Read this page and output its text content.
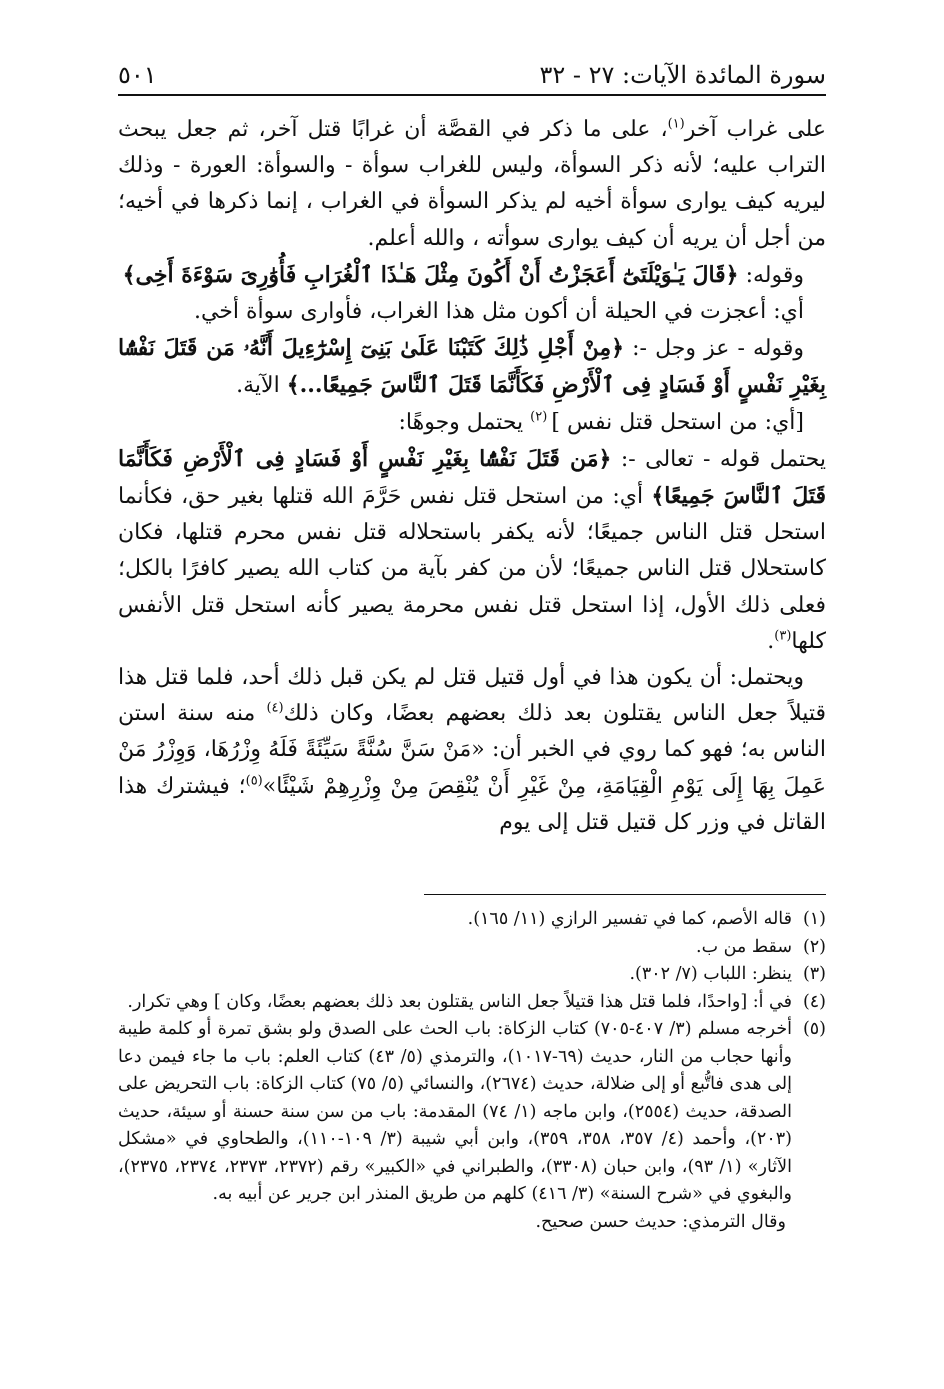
سورة المائدة الآيات: ٢٧ - ٣٢
٥٠١

على غراب آخر$^{(١)}$، على ما ذكر في القصَّة أن غرابًا قتل آخر، ثم جعل يبحث التراب عليه؛ لأنه ذكر السوأة، وليس للغراب سوأة - والسوأة: العورة - وذلك ليريه كيف يوارى سوأة أخيه لم يذكر السوأة في الغراب ، إنما ذكرها في أخيه؛ من أجل أن يريه أن كيف يوارى سوأته ، والله أعلم.

وقوله: ﴿قَالَ يَـٰوَيْلَتَىٰٓ أَعَجَزْتُ أَنْ أَكُونَ مِثْلَ هَـٰذَا ٱلْغُرَابِ فَأُوَٰرِىَ سَوْءَةَ أَخِى﴾

أي: أعجزت في الحيلة أن أكون مثل هذا الغراب، فأوارى سوأة أخي.

وقوله - عز وجل -: ﴿مِنْ أَجْلِ ذَٰلِكَ كَتَبْنَا عَلَىٰ بَنِىٓ إِسْرَٰٓءِيلَ أَنَّهُۥ مَن قَتَلَ نَفْسًۢا بِغَيْرِ نَفْسٍ أَوْ فَسَادٍ فِى ٱلْأَرْضِ فَكَأَنَّمَا قَتَلَ ٱلنَّاسَ جَمِيعًا...﴾ الآية.

[أي: من استحل قتل نفس ] $^{(٢)}$ يحتمل وجوهًا:

يحتمل قوله - تعالى -: ﴿مَن قَتَلَ نَفْسًۢا بِغَيْرِ نَفْسٍ أَوْ فَسَادٍ فِى ٱلْأَرْضِ فَكَأَنَّمَا قَتَلَ ٱلنَّاسَ جَمِيعًا﴾ أي: من استحل قتل نفس حَرَّمَ الله قتلها بغير حق، فكأنما استحل قتل الناس جميعًا؛ لأنه يكفر باستحلاله قتل نفس محرم قتلها، فكان كاستحلال قتل الناس جميعًا؛ لأن من كفر بآية من كتاب الله يصير كافرًا بالكل؛ فعلى ذلك الأول، إذا استحل قتل نفس محرمة يصير كأنه استحل قتل الأنفس كلها$^{(٣)}$.

ويحتمل: أن يكون هذا في أول قتيل قتل لم يكن قبل ذلك أحد، فلما قتل هذا قتيلاً جعل الناس يقتلون بعد ذلك بعضهم بعضًا، وكان ذلك$^{(٤)}$ منه سنة استن الناس به؛ فهو كما روي في الخبر أن: «مَنْ سَنَّ سُنَّةً سَيِّئَةً فَلَهُ وِزْرُهَا، وَوِزْرُ مَنْ عَمِلَ بِهَا إِلَى يَوْمِ الْقِيَامَةِ، مِنْ غَيْرِ أَنْ يُنْقِصَ مِنْ وِزْرِهِمْ شَيْئًا»$^{(٥)}$؛ فيشترك هذا القاتل في وزر كل قتيل قتل إلى يوم

(١)
قاله الأصم، كما في تفسير الرازي (١١/ ١٦٥).
(٢)
سقط من ب.
(٣)
ينظر: اللباب (٧/ ٣٠٢).
(٤)
في أ: [واحدًا، فلما قتل هذا قتيلاً جعل الناس يقتلون بعد ذلك بعضهم بعضًا، وكان ] وهي تكرار.
(٥)
أخرجه مسلم (٣/ ٤٠٧-٧٠٥) كتاب الزكاة: باب الحث على الصدق ولو بشق تمرة أو كلمة طيبة وأنها حجاب من النار، حديث (٦٩-١٠١٧)، والترمذي (٥/ ٤٣) كتاب العلم: باب ما جاء فيمن دعا إلى هدى فاتُّبع أو إلى ضلالة، حديث (٢٦٧٤)، والنسائي (٥/ ٧٥) كتاب الزكاة: باب التحريض على الصدقة، حديث (٢٥٥٤)، وابن ماجه (١/ ٧٤) المقدمة: باب من سن سنة حسنة أو سيئة، حديث (٢٠٣)، وأحمد (٤/ ٣٥٧، ٣٥٨، ٣٥٩)، وابن أبي شيبة (٣/ ١٠٩-١١٠)، والطحاوي في «مشكل الآثار» (١/ ٩٣)، وابن حبان (٣٣٠٨)، والطبراني في «الكبير» رقم (٢٣٧٢، ٢٣٧٣، ٢٣٧٤، ٢٣٧٥)، والبغوي في «شرح السنة» (٣/ ٤١٦) كلهم من طريق المنذر ابن جرير عن أبيه به.
وقال الترمذي: حديث حسن صحيح.
